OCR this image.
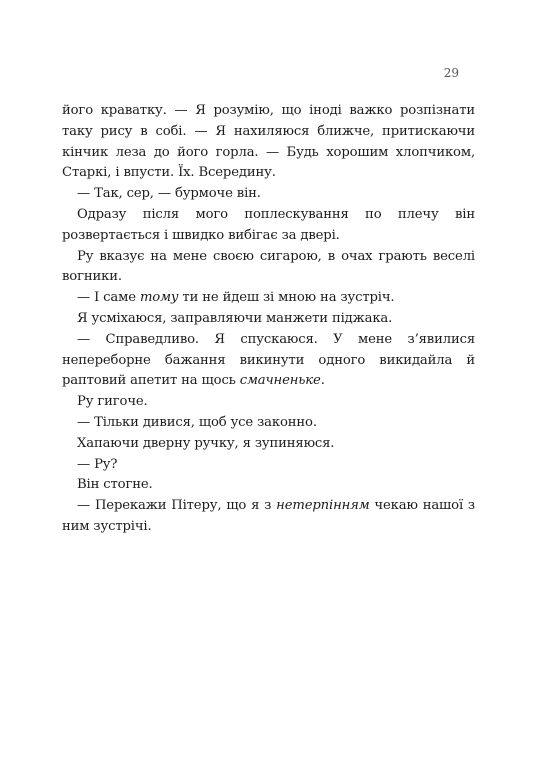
29

його краватку. — Я розумію, що іноді важко розпізнати таку рису в собі. — Я нахиляюся ближче, притискаючи кінчик леза до його горла. — Будь хорошим хлопчиком, Старкі, і впусти. Їх. Всередину.

— Так, сер, — бурмоче він.

Одразу після мого поплескування по плечу він розвертається і швидко вибігає за двері.

Ру вказує на мене своєю сигарою, в очах грають веселі вогники.

— І саме тому ти не йдеш зі мною на зустріч.

Я усміхаюся, заправляючи манжети піджака.

— Справедливо. Я спускаюся. У мене з’явилися непереборне бажання викинути одного викидайла й раптовий апетит на щось смачненьке.

Ру гигоче.

— Тільки дивися, щоб усе законно.

Хапаючи дверну ручку, я зупиняюся.

— Ру?

Він стогне.

— Перекажи Пітеру, що я з нетерпінням чекаю нашої з ним зустрічі.
